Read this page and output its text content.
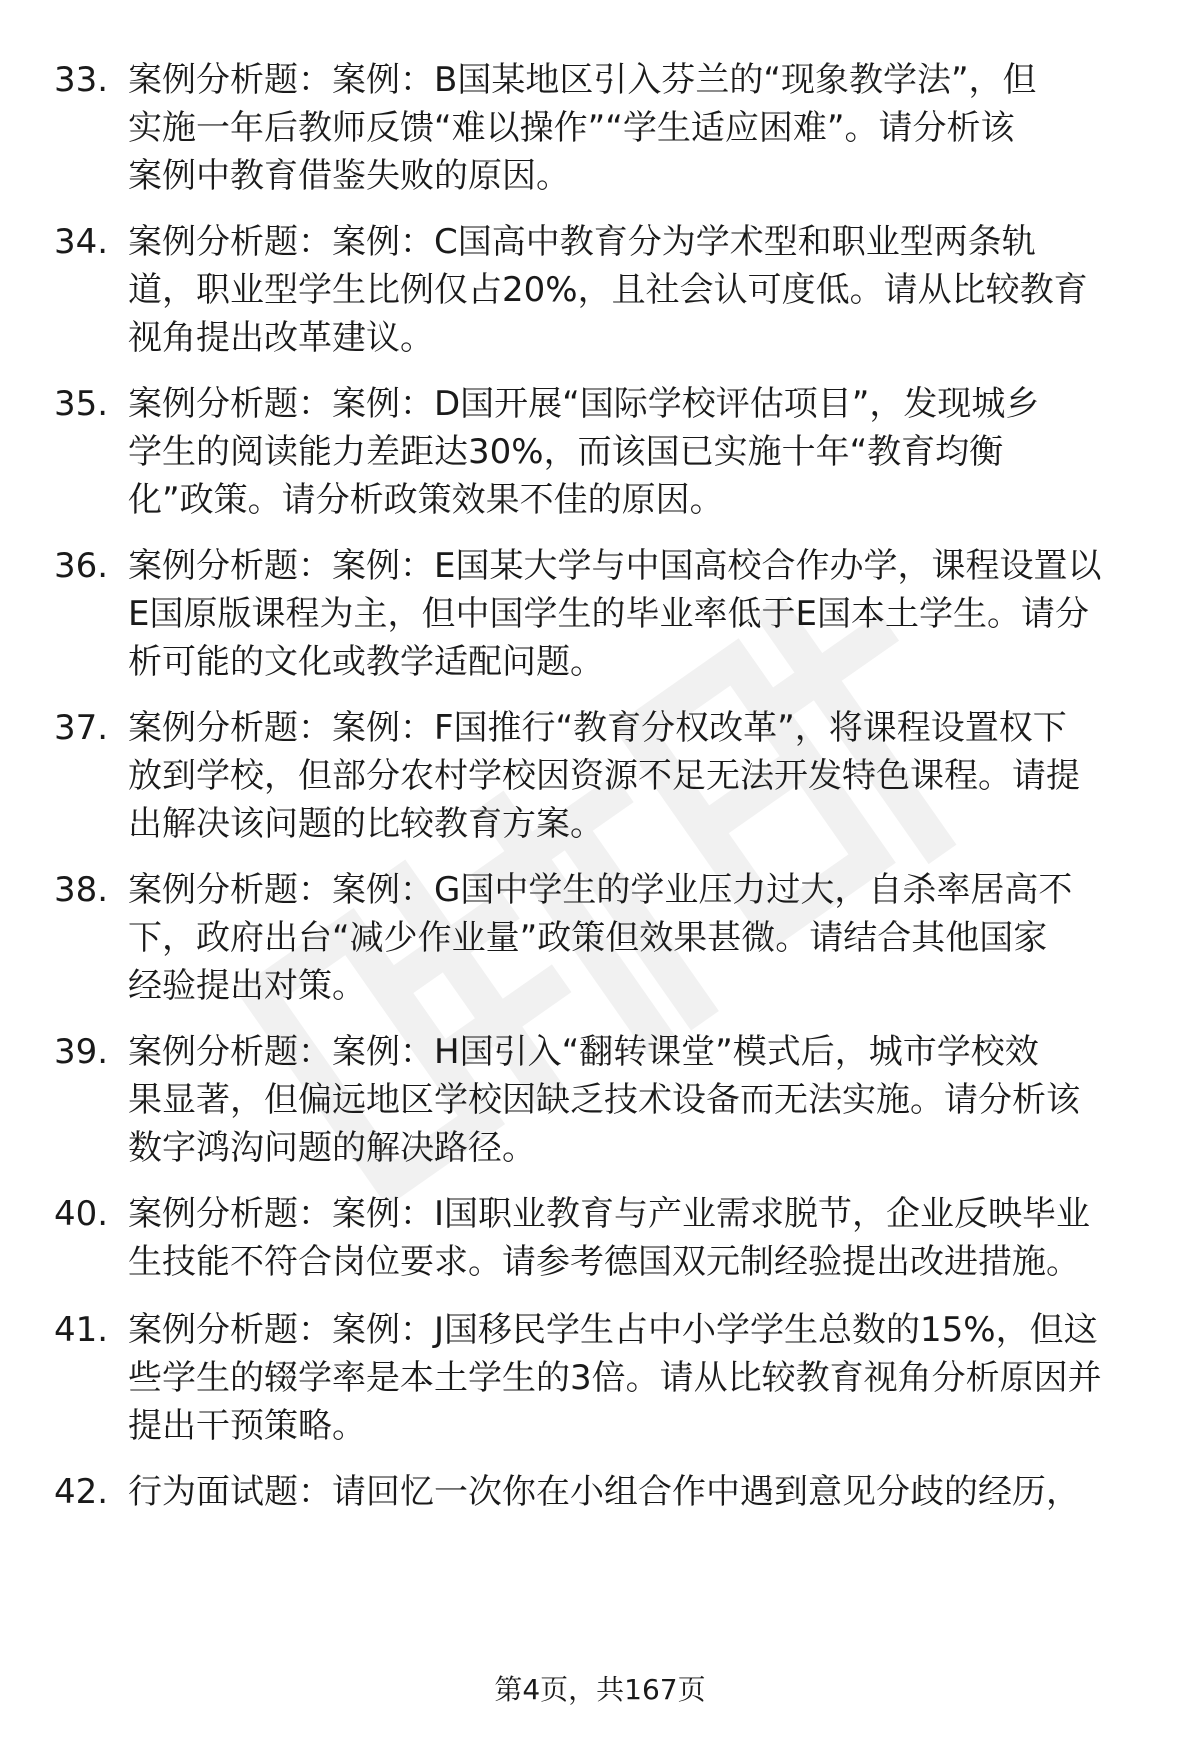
33. 案例分析题：案例：B国某地区引入芬兰的“现象教学法”，但
实施一年后教师反馈“难以操作”“学生适应困难”。请分析该
案例中教育借鉴失败的原因。
34. 案例分析题：案例：C国高中教育分为学术型和职业型两条轨
道，职业型学生比例仅占20%，且社会认可度低。请从比较教育
视角提出改革建议。
35. 案例分析题：案例：D国开展“国际学校评估项目”，发现城乡
学生的阅读能力差距达30%，而该国已实施十年“教育均衡
化”政策。请分析政策效果不佳的原因。
36. 案例分析题：案例：E国某大学与中国高校合作办学，课程设置以
E国原版课程为主，但中国学生的毕业率低于E国本土学生。请分
析可能的文化或教学适配问题。
37. 案例分析题：案例：F国推行“教育分权改革”，将课程设置权下
放到学校，但部分农村学校因资源不足无法开发特色课程。请提
出解决该问题的比较教育方案。
38. 案例分析题：案例：G国中学生的学业压力过大，自杀率居高不
下，政府出台“减少作业量”政策但效果甚微。请结合其他国家
经验提出对策。
39. 案例分析题：案例：H国引入“翻转课堂”模式后，城市学校效
果显著，但偏远地区学校因缺乏技术设备而无法实施。请分析该
数字鸿沟问题的解决路径。
40. 案例分析题：案例：I国职业教育与产业需求脱节，企业反映毕业
生技能不符合岗位要求。请参考德国双元制经验提出改进措施。
41. 案例分析题：案例：J国移民学生占中小学学生总数的15%，但这
些学生的辍学率是本土学生的3倍。请从比较教育视角分析原因并
提出干预策略。
42. 行为面试题：请回忆一次你在小组合作中遇到意见分歧的经历，
第4页，共167页
